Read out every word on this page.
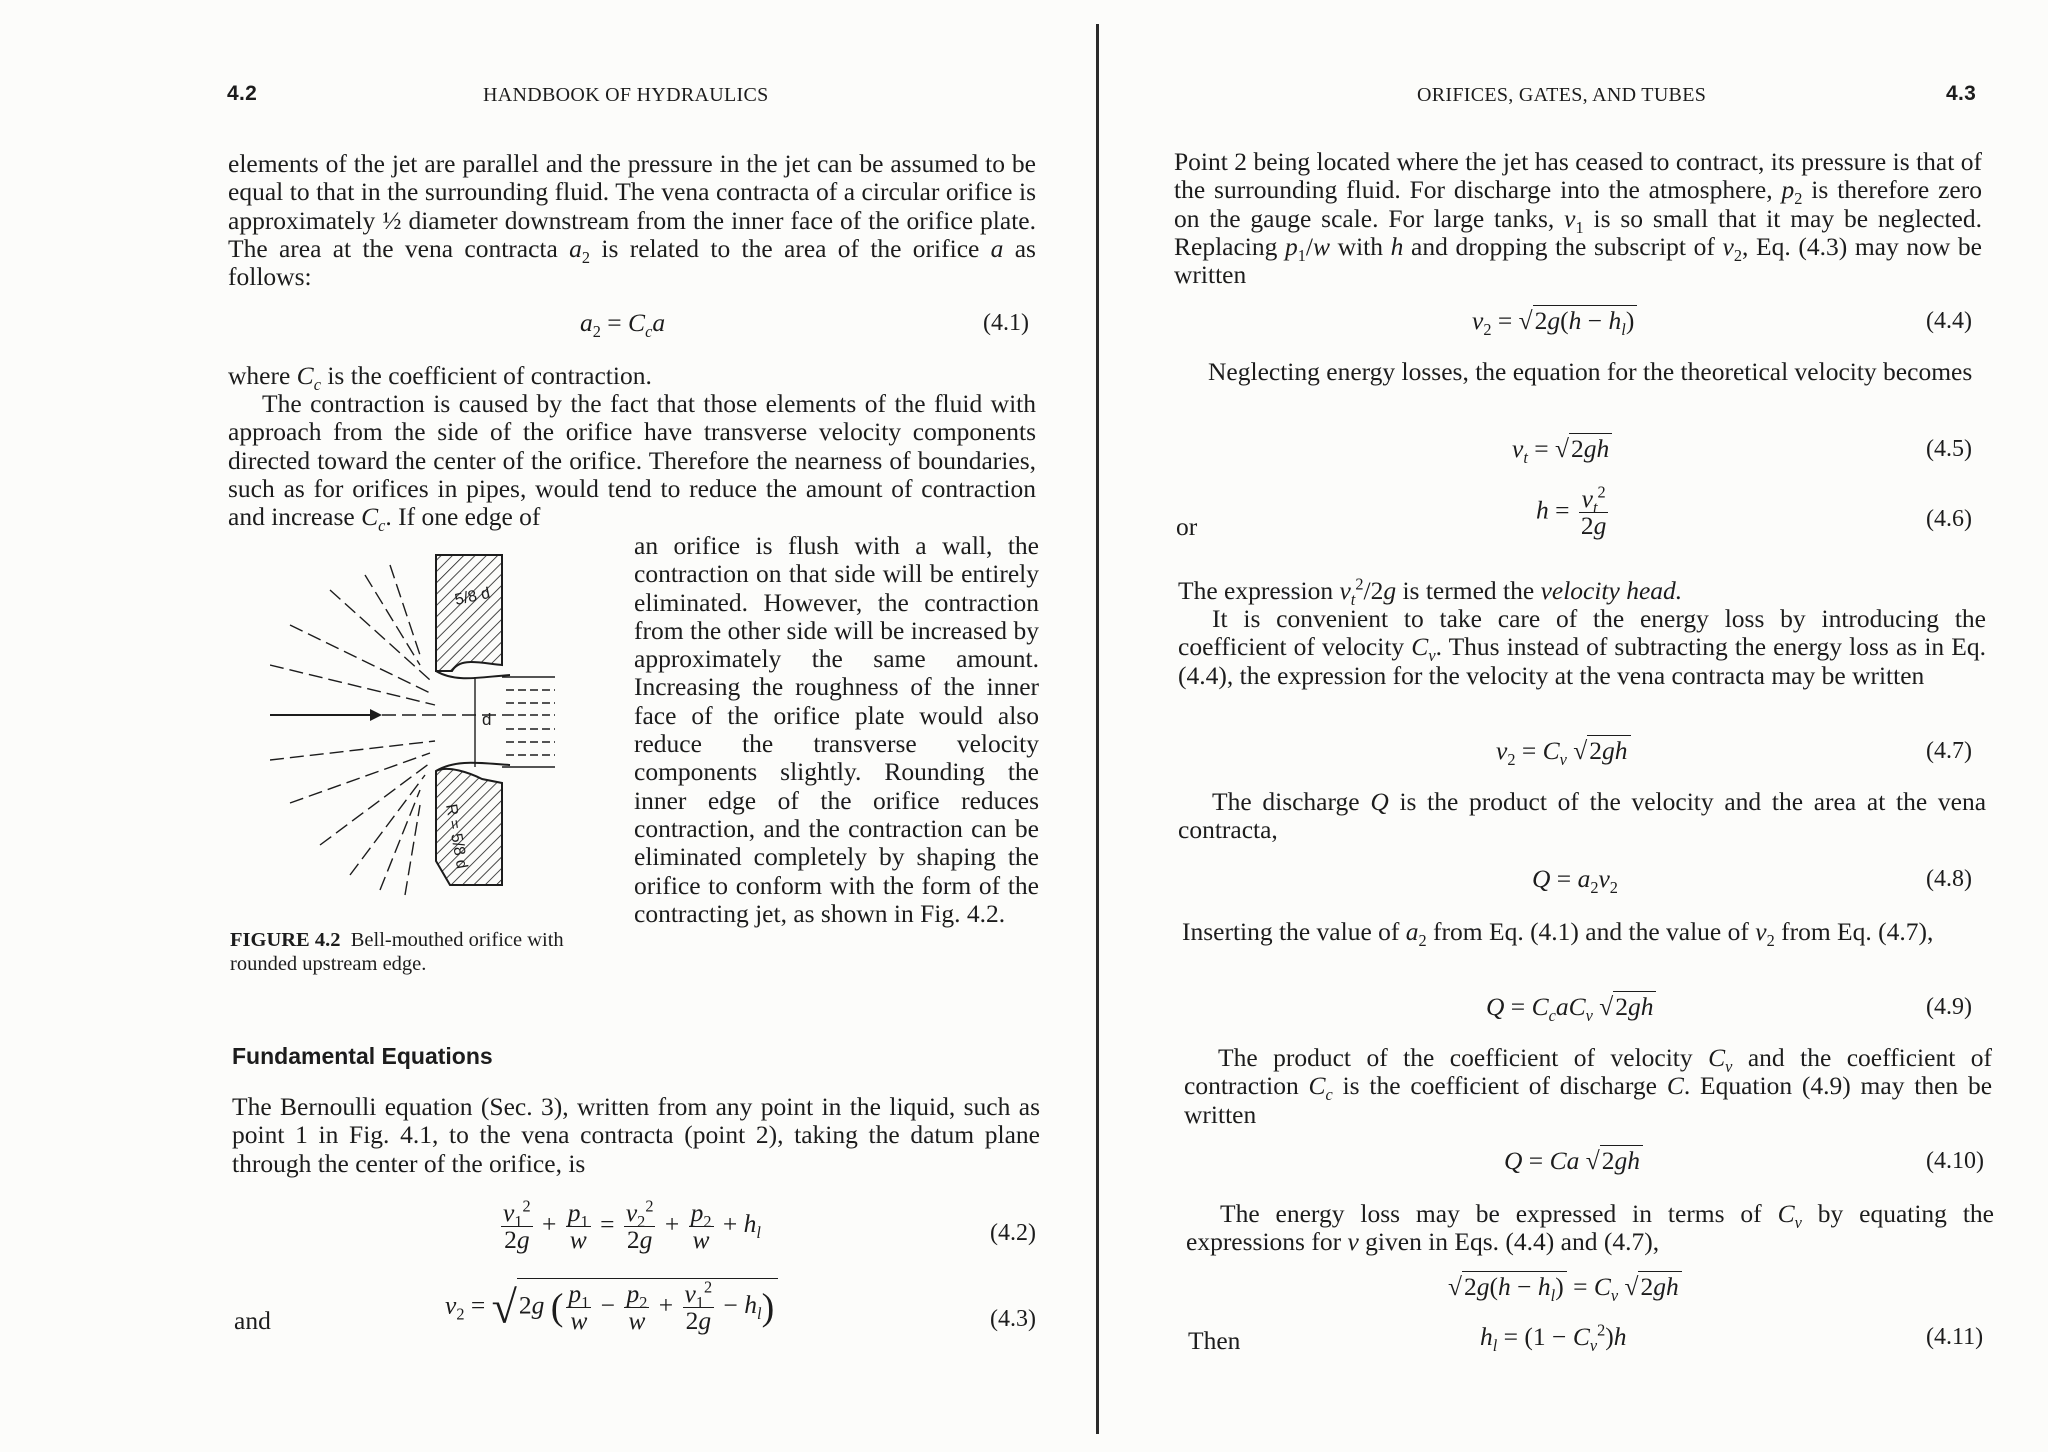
4.2	HANDBOOK OF HYDRAULICS

elements of the jet are parallel and the pressure in the jet can be assumed to be equal to that in the surrounding fluid. The vena contracta of a circular orifice is approximately ½ diameter downstream from the inner face of the orifice plate. The area at the vena contracta $a_2$ is related to the area of the orifice a as follows:

$a_2 = C_ca$	(4.1)

where $C_c$ is the coefficient of contraction.

The contraction is caused by the fact that those elements of the fluid with approach from the side of the orifice have transverse velocity components directed toward the center of the orifice. Therefore the nearness of boundaries, such as for orifices in pipes, would tend to reduce the amount of contraction and increase $C_c$. If one edge of

an orifice is flush with a wall, the contraction on that side will be entirely eliminated. However, the contraction from the other side will be increased by approximately the same amount. Increasing the roughness of the inner face of the orifice plate would also reduce the transverse velocity components slightly. Rounding the inner edge of the orifice reduces contraction, and the contraction can be eliminated completely by shaping the orifice to conform with the form of the contracting jet, as shown in Fig. 4.2.

d
5/8 d
R = 5/8 d
FIGURE 4.2 Bell-mouthed orifice with rounded upstream edge.
Fundamental Equations

The Bernoulli equation (Sec. 3), written from any point in the liquid, such as point 1 in Fig. 4.1, to the vena contracta (point 2), taking the datum plane through the center of the orifice, is

$\frac{v_1^2}{2g} + \frac{p_1}{w} = \frac{v_2^2}{2g} + \frac{p_2}{w} + h_l$	(4.2)
and
$v_2 = √2g$ ( $\frac{p_1}{w} - \frac{p_2}{w} + \frac{v_1^2}{2g} - h_l$)	(4.3)
ORIFICES, GATES, AND TUBES	4.3

Point 2 being located where the jet has ceased to contract, its pressure is that of the surrounding fluid. For discharge into the atmosphere, $p_2$ is therefore zero on the gauge scale. For large tanks, $v_1$ is so small that it may be neglected. Replacing $p_1/w$ with h and dropping the subscript of $v_2$, Eq. (4.3) may now be written

$v_2 = √2g(h - h_l)$	(4.4)

Neglecting energy losses, the equation for the theoretical velocity becomes

$v_t = √2gh$	(4.5)
or
$h = \frac{v_t^2}{2g}$	(4.6)

The expression $v_t^2/2g$ is termed the velocity head.

It is convenient to take care of the energy loss by introducing the coefficient of velocity $C_v$. Thus instead of subtracting the energy loss as in Eq. (4.4), the expression for the velocity at the vena contracta may be written

$v_2 = C_v$ √2gh	(4.7)

The discharge Q is the product of the velocity and the area at the vena contracta,

$Q = a_2v_2$	(4.8)

Inserting the value of $a_2$ from Eq. (4.1) and the value of $v_2$ from Eq. (4.7),

$Q = C_caC_v$ √2gh	(4.9)

The product of the coefficient of velocity $C_v$ and the coefficient of contraction $C_c$ is the coefficient of discharge C. Equation (4.9) may then be written

Q = Ca √2gh	(4.10)

The energy loss may be expressed in terms of $C_v$ by equating the expressions for v given in Eqs. (4.4) and (4.7),

$√2g(h - h_l) = C_v$ √2gh
Then	$h_l = (1 - C_v^2)h$	(4.11)
